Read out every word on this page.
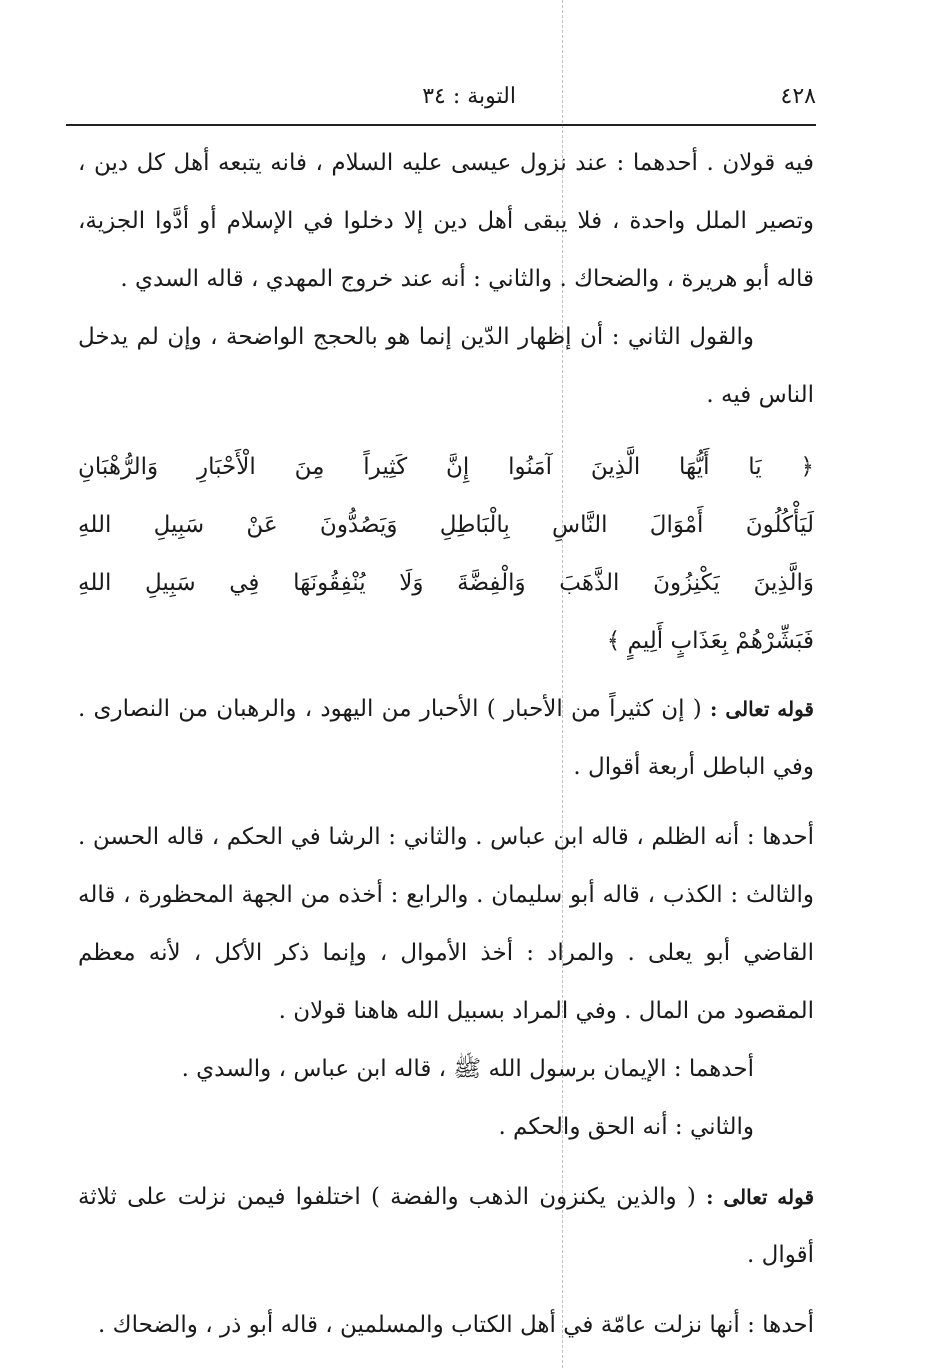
٤٢٨
التوبة : ٣٤

فيه قولان . أحدهما : عند نزول عيسى عليه السلام ، فانه يتبعه أهل كل دين ، وتصير الملل واحدة ، فلا يبقى أهل دين إلا دخلوا في الإسلام أو أدَّوا الجزية، قاله أبو هريرة ، والضحاك . والثاني : أنه عند خروج المهدي ، قاله السدي .

والقول الثاني : أن إظهار الدّين إنما هو بالحجج الواضحة ، وإن لم يدخل الناس فيه .

﴿ يَا أَيُّهَا الَّذِينَ آمَنُوا إِنَّ كَثِيراً مِنَ الْأَحْبَارِ وَالرُّهْبَانِ
لَيَأْكُلُونَ أَمْوَالَ النَّاسِ بِالْبَاطِلِ وَيَصُدُّونَ عَنْ سَبِيلِ اللهِ
وَالَّذِينَ يَكْنِزُونَ الذَّهَبَ وَالْفِضَّةَ وَلَا يُنْفِقُونَهَا فِي سَبِيلِ اللهِ
فَبَشِّرْهُمْ بِعَذَابٍ أَلِيمٍ ﴾

قوله تعالى : ( إن كثيراً من الأحبار ) الأحبار من اليهود ، والرهبان من النصارى . وفي الباطل أربعة أقوال .

أحدها : أنه الظلم ، قاله ابن عباس . والثاني : الرشا في الحكم ، قاله الحسن . والثالث : الكذب ، قاله أبو سليمان . والرابع : أخذه من الجهة المحظورة ، قاله القاضي أبو يعلى . والمراد : أخذ الأموال ، وإنما ذكر الأكل ، لأنه معظم المقصود من المال . وفي المراد بسبيل الله هاهنا قولان .

أحدهما : الإيمان برسول الله ﷺ ، قاله ابن عباس ، والسدي .

والثاني : أنه الحق والحكم .

قوله تعالى : ( والذين يكنزون الذهب والفضة ) اختلفوا فيمن نزلت على ثلاثة أقوال .

أحدها : أنها نزلت عامّة في أهل الكتاب والمسلمين ، قاله أبو ذر ، والضحاك .
